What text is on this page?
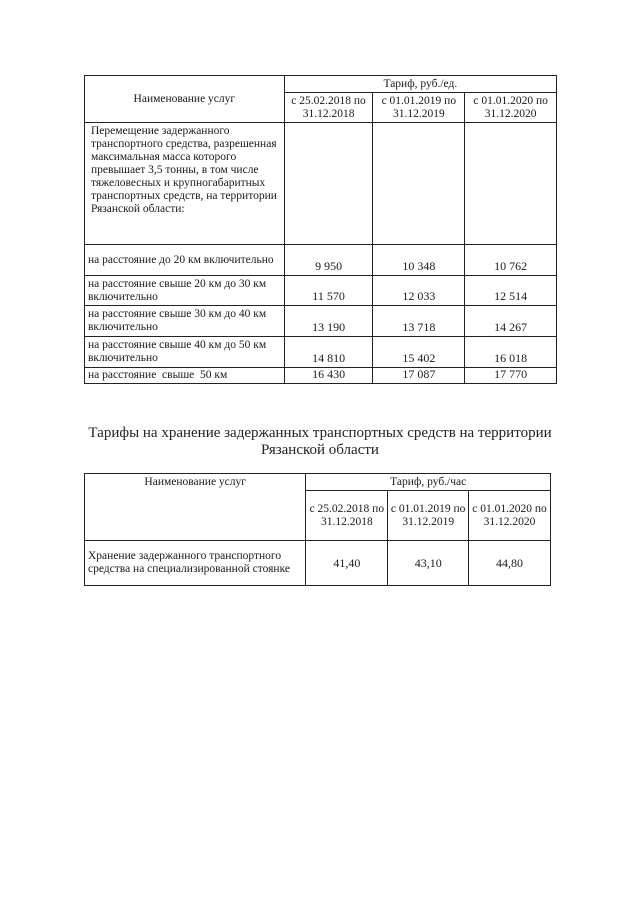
Наименование услуг	Тариф, руб./ед.		
	с 25.02.2018 по 31.12.2018	с 01.01.2019 по 31.12.2019	с 01.01.2020 по 31.12.2020
Перемещение задержанного транспортного средства, разрешенная максимальная масса которого превышает 3,5 тонны, в том числе тяжеловесных и крупногабаритных транспортных средств, на территории Рязанской области:			
на расстояние до 20 км включительно	9 950	10 348	10 762
на расстояние свыше 20 км до 30 км включительно	11 570	12 033	12 514
на расстояние свыше 30 км до 40 км включительно	13 190	13 718	14 267
на расстояние свыше 40 км до 50 км включительно	14 810	15 402	16 018
на расстояние  свыше  50 км	16 430	17 087	17 770
Тарифы на хранение задержанных транспортных средств на территории Рязанской области
Наименование услуг	Тариф, руб./час		
	с 25.02.2018 по 31.12.2018	с 01.01.2019 по 31.12.2019	с 01.01.2020 по 31.12.2020
Хранение задержанного транспортного средства на специализированной стоянке	41,40	43,10	44,80
